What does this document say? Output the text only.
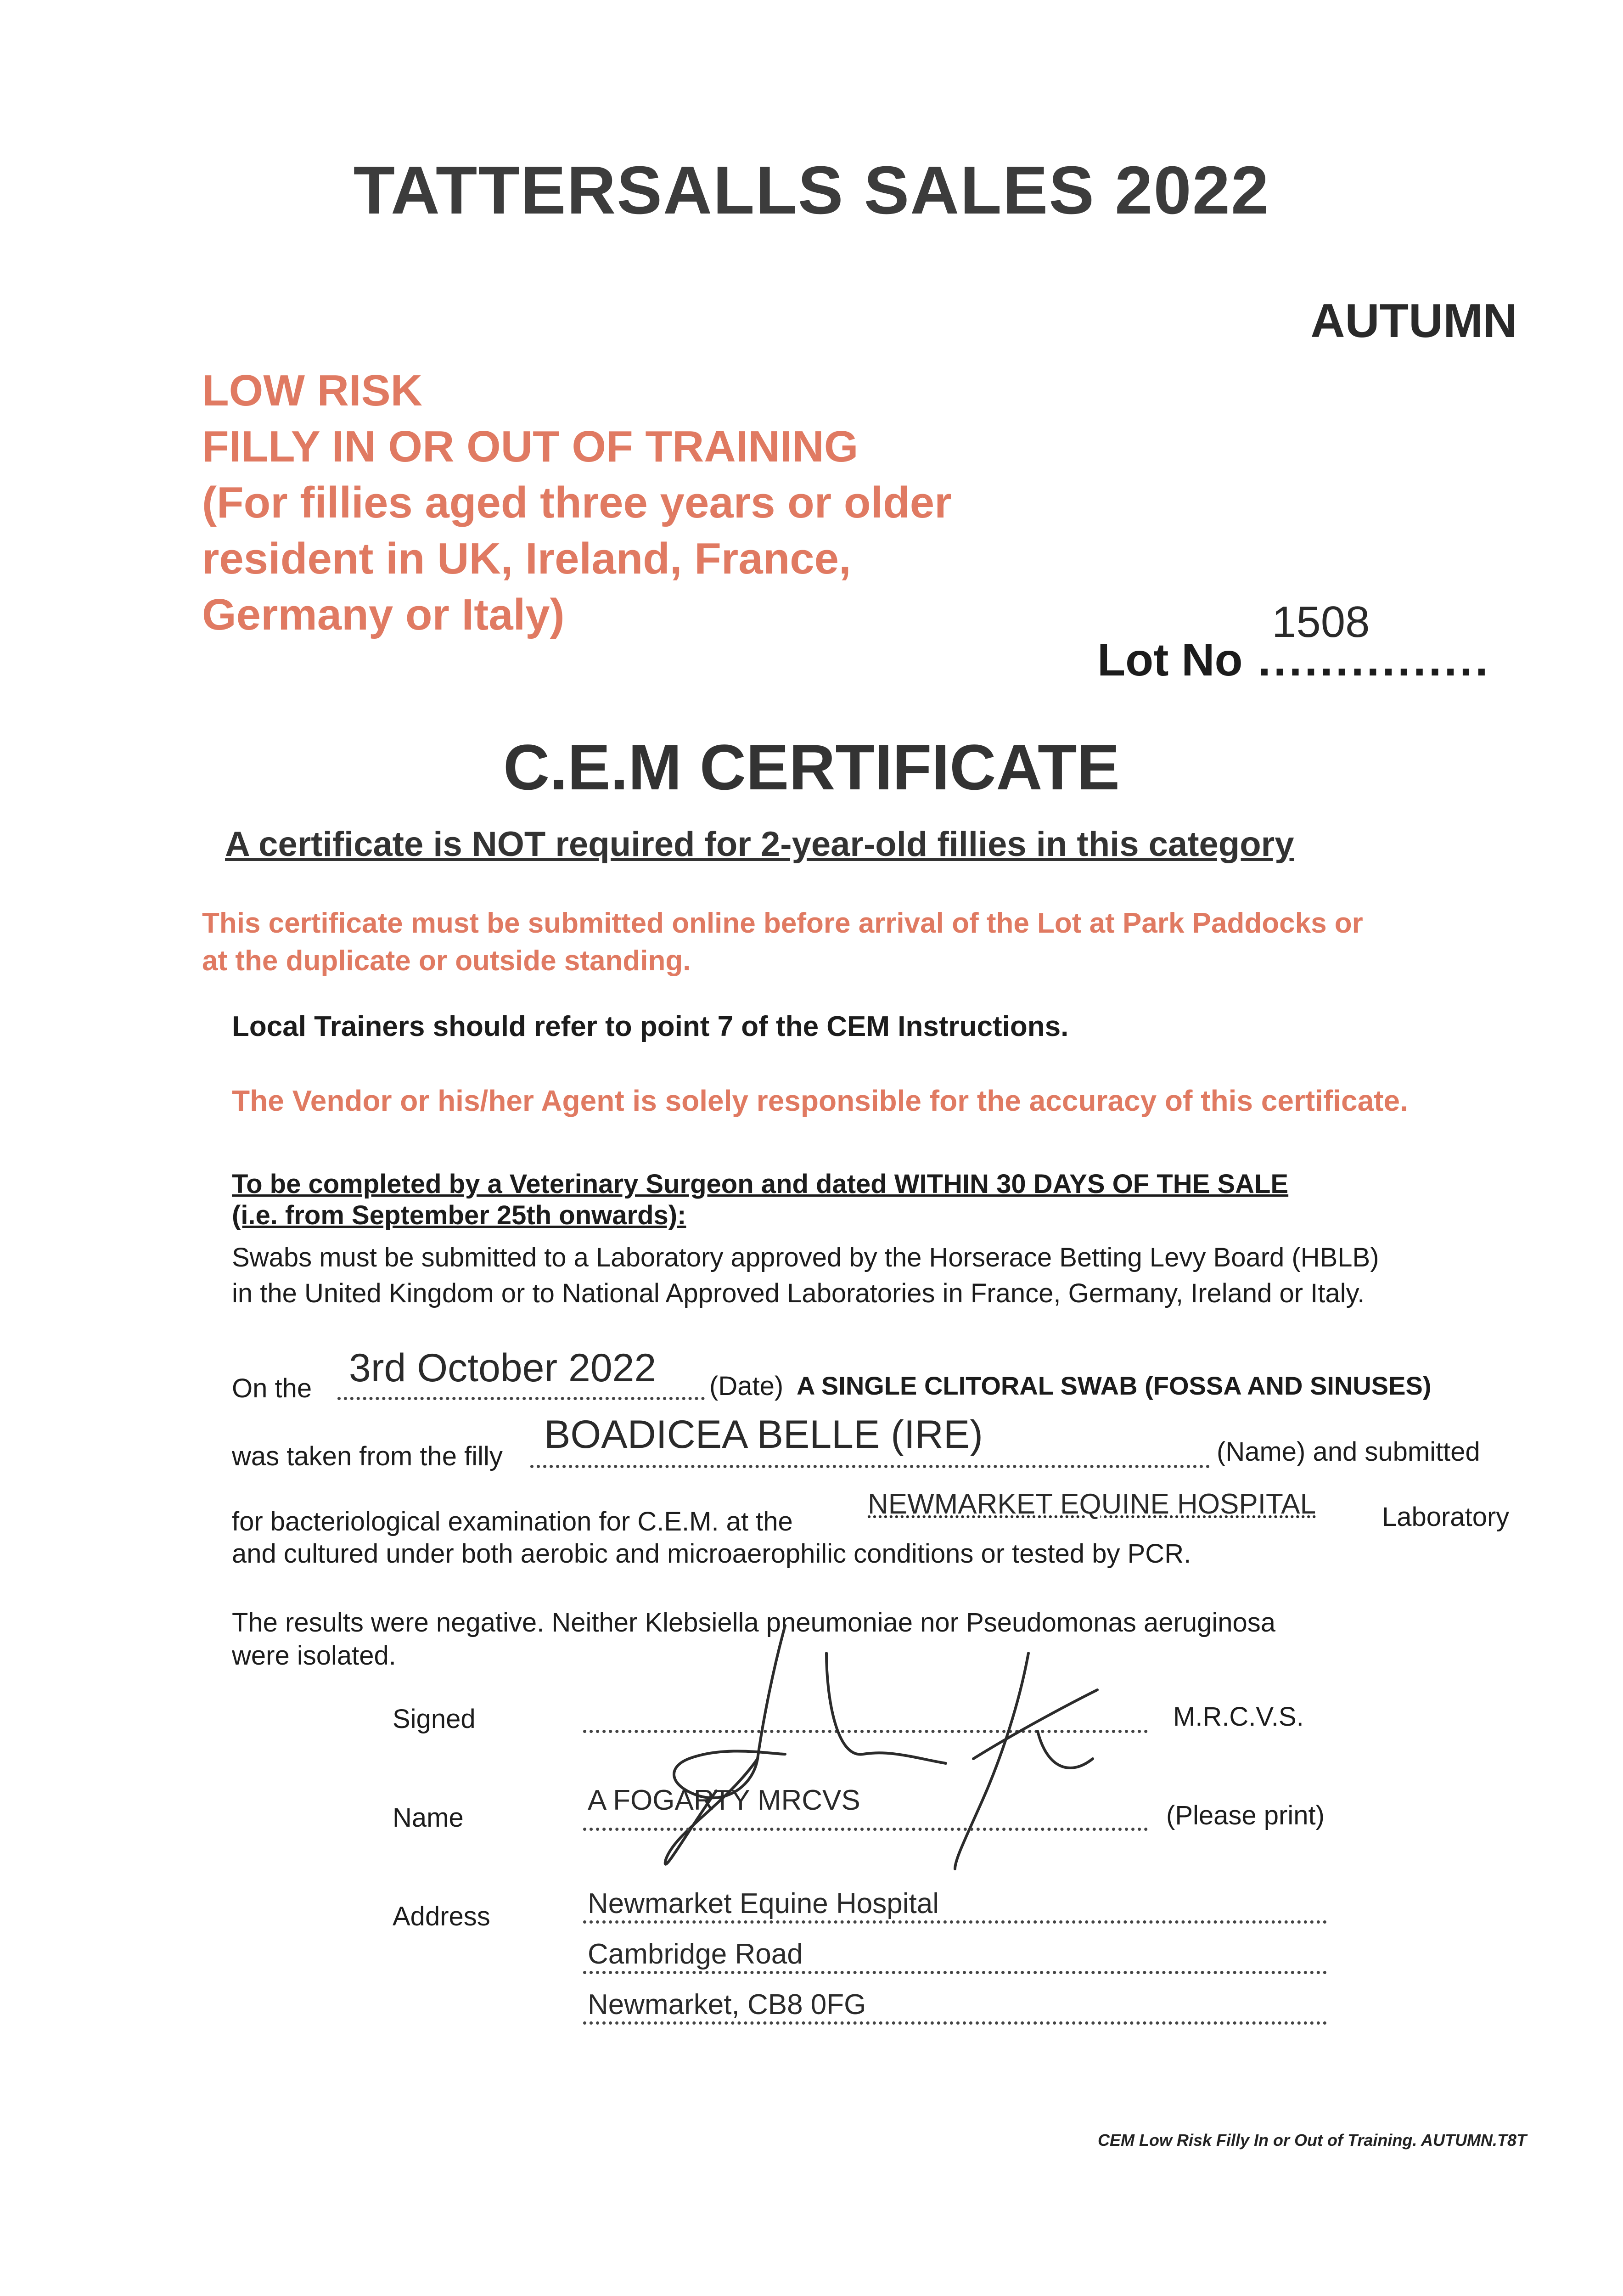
TATTERSALLS SALES 2022
AUTUMN
LOW RISK
FILLY IN OR OUT OF TRAINING
(For fillies aged three years or older
resident in UK, Ireland, France,
Germany or Italy)	1508
Lot No ...............
C.E.M CERTIFICATE
A certificate is NOT required for 2-year-old fillies in this category
This certificate must be submitted online before arrival of the Lot at Park Paddocks or
at the duplicate or outside standing.
Local Trainers should refer to point 7 of the CEM Instructions.
The Vendor or his/her Agent is solely responsible for the accuracy of this certificate.
To be completed by a Veterinary Surgeon and dated WITHIN 30 DAYS OF THE SALE
(i.e. from September 25th onwards):
Swabs must be submitted to a Laboratory approved by the Horserace Betting Levy Board (HBLB)
in the United Kingdom or to National Approved Laboratories in France, Germany, Ireland or Italy.
On the 3rd October 2022 (Date) A SINGLE CLITORAL SWAB (FOSSA AND SINUSES)
was taken from the filly BOADICEA BELLE (IRE)	(Name) and submitted
for bacteriological examination for C.E.M. at the
NEWMARKET EQUINE HOSPITAL Laboratory
and cultured under both aerobic and microaerophilic conditions or tested by PCR.
The results were negative. Neither Klebsiella pneumoniae nor Pseudomonas aeruginosa
were isolated.
Signed	M.R.C.V.S.
Name
A FOGARTY MRCVS	(Please print)
Address	Newmarket Equine Hospital
Cambridge Road
Newmarket, CB8 0FG
CEM Low Risk Filly In or Out of Training. AUTUMN.T8T
